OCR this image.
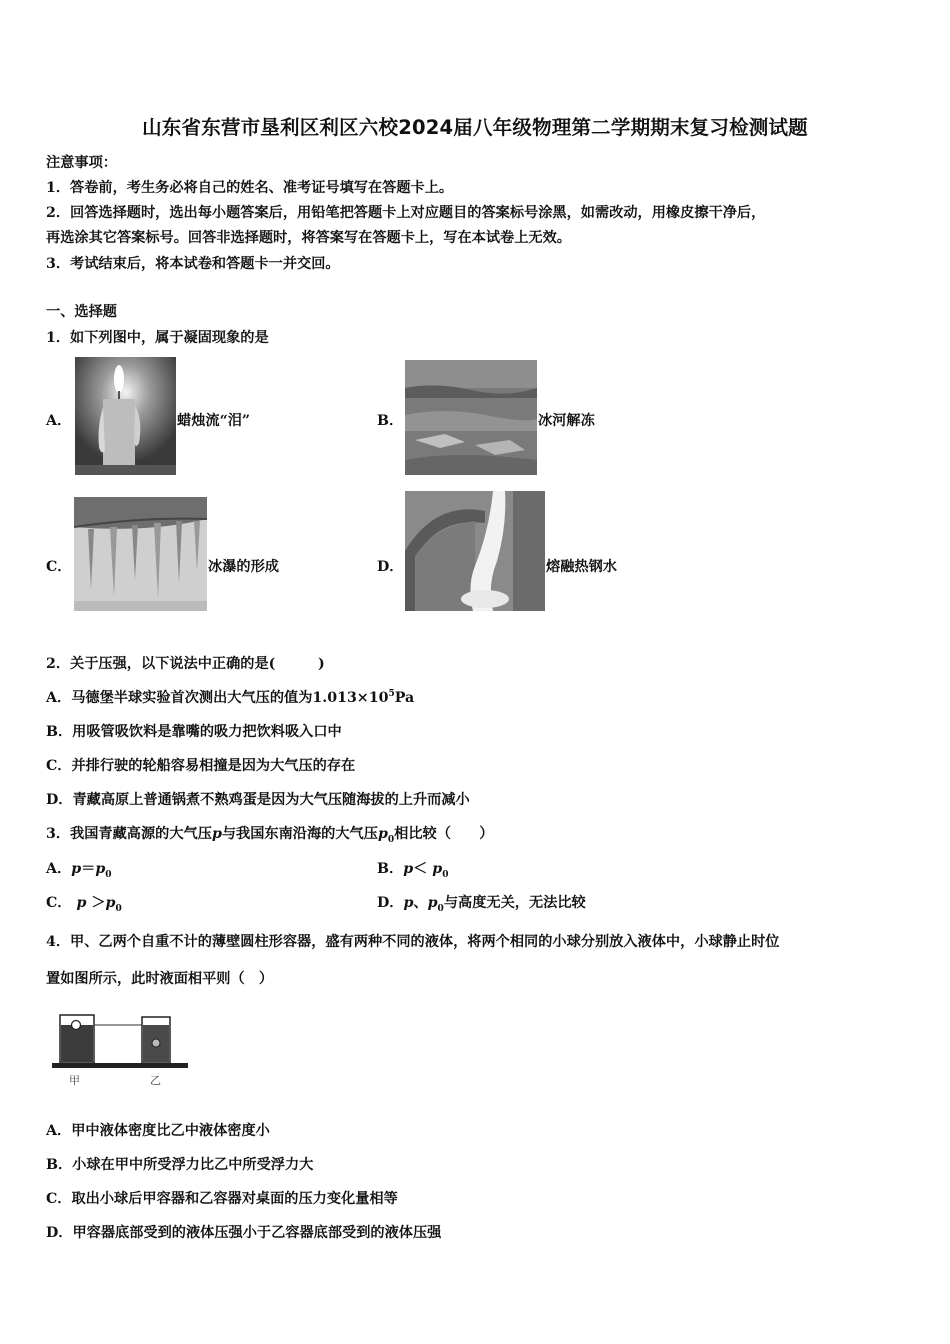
山东省东营市垦利区利区六校2024届八年级物理第二学期期末复习检测试题
注意事项：
1．答卷前，考生务必将自己的姓名、准考证号填写在答题卡上。
2．回答选择题时，选出每小题答案后，用铅笔把答题卡上对应题目的答案标号涂黑，如需改动，用橡皮擦干净后，
再选涂其它答案标号。回答非选择题时，将答案写在答题卡上，写在本试卷上无效。
3．考试结束后，将本试卷和答题卡一并交回。
一、选择题
1．如下列图中，属于凝固现象的是
A．	蜡烛流“泪”	B．	冰河解冻
C．	冰瀑的形成	D．	熔融热钢水
2．关于压强，以下说法中正确的是(　　　)
A．马德堡半球实验首次测出大气压的值为$1.013\times 10^5Pa$
B．用吸管吸饮料是靠嘴的吸力把饮料吸入口中
C．并排行驶的轮船容易相撞是因为大气压的存在
D．青藏高原上普通锅煮不熟鸡蛋是因为大气压随海拔的上升而减小
3．我国青藏高源的大气压p与我国东南沿海的大气压$p_0$相比较（　　）
A．$p=p_0$	B．$p< p_0$
C． $p >p_0$	D．p、$p_0$与高度无关，无法比较
4．甲、乙两个自重不计的薄壁圆柱形容器，盛有两种不同的液体，将两个相同的小球分别放入液体中，小球静止时位
置如图所示，此时液面相平则（　）
甲	乙
A．甲中液体密度比乙中液体密度小
B．小球在甲中所受浮力比乙中所受浮力大
C．取出小球后甲容器和乙容器对桌面的压力变化量相等
D．甲容器底部受到的液体压强小于乙容器底部受到的液体压强
